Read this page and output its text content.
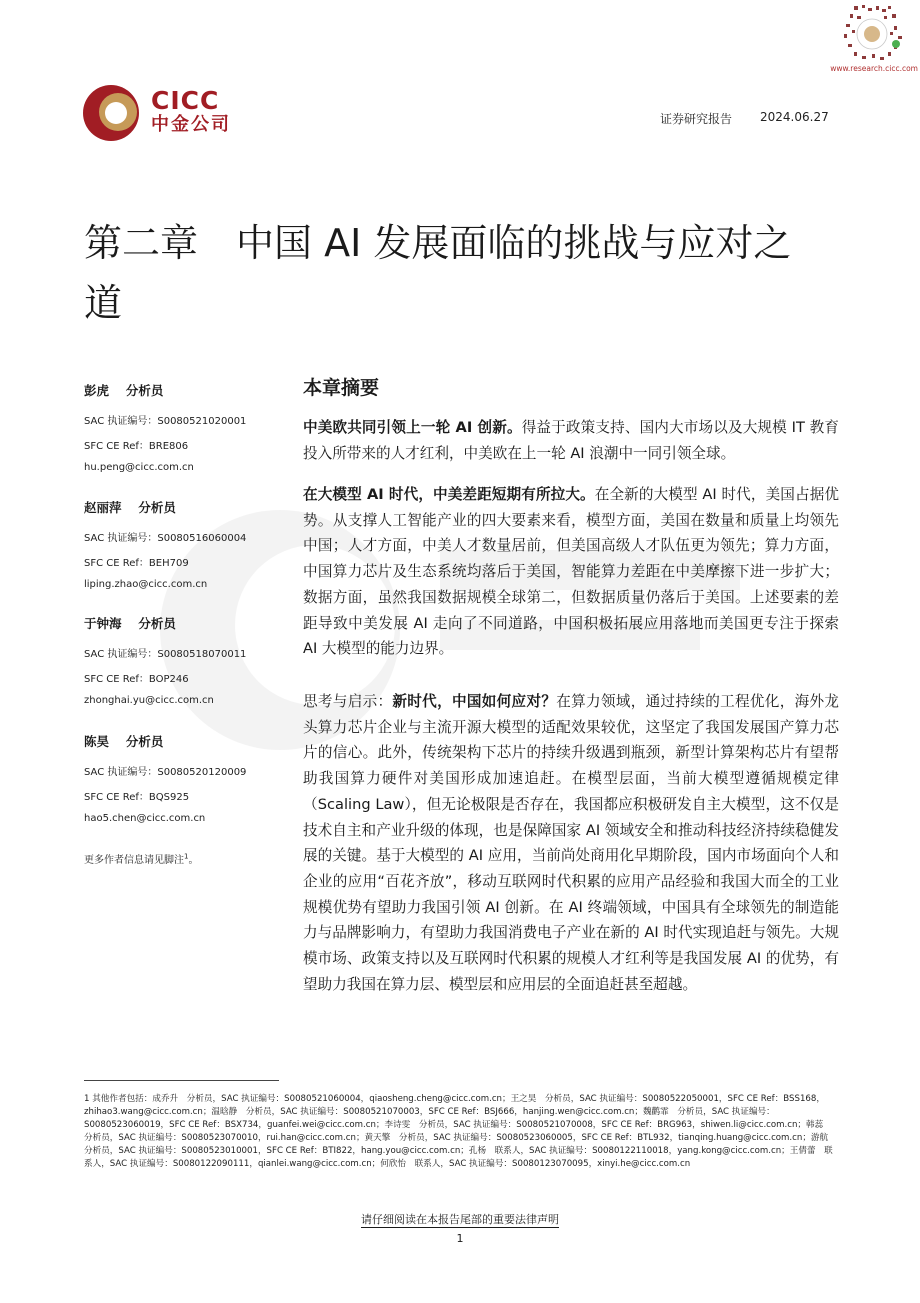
www.research.cicc.com
CICC
中金公司	证券研究报告 2024.06.27
第二章　中国 AI 发展面临的挑战与应对之道
彭虎　 分析员
SAC 执证编号：S0080521020001
SFC CE Ref：BRE806
hu.peng@cicc.com.cn
赵丽萍　 分析员
SAC 执证编号：S0080516060004
SFC CE Ref：BEH709
liping.zhao@cicc.com.cn
于钟海　 分析员
SAC 执证编号：S0080518070011
SFC CE Ref：BOP246
zhonghai.yu@cicc.com.cn
陈昊　 分析员
SAC 执证编号：S0080520120009
SFC CE Ref：BQS925
hao5.chen@cicc.com.cn
更多作者信息请见脚注$^1$。
本章摘要
中美欧共同引领上一轮 AI 创新。得益于政策支持、国内大市场以及大规模 IT 教育投入所带来的人才红利，中美欧在上一轮 AI 浪潮中一同引领全球。
在大模型 AI 时代，中美差距短期有所拉大。在全新的大模型 AI 时代，美国占据优势。从支撑人工智能产业的四大要素来看，模型方面，美国在数量和质量上均领先中国；人才方面，中美人才数量居前，但美国高级人才队伍更为领先；算力方面，中国算力芯片及生态系统均落后于美国，智能算力差距在中美摩擦下进一步扩大；数据方面，虽然我国数据规模全球第二，但数据质量仍落后于美国。上述要素的差距导致中美发展 AI 走向了不同道路，中国积极拓展应用落地而美国更专注于探索 AI 大模型的能力边界。
思考与启示：新时代，中国如何应对？在算力领域，通过持续的工程优化，海外龙头算力芯片企业与主流开源大模型的适配效果较优，这坚定了我国发展国产算力芯片的信心。此外，传统架构下芯片的持续升级遇到瓶颈，新型计算架构芯片有望帮助我国算力硬件对美国形成加速追赶。在模型层面，当前大模型遵循规模定律（Scaling Law），但无论极限是否存在，我国都应积极研发自主大模型，这不仅是技术自主和产业升级的体现，也是保障国家 AI 领域安全和推动科技经济持续稳健发展的关键。基于大模型的 AI 应用，当前尚处商用化早期阶段，国内市场面向个人和企业的应用“百花齐放”，移动互联网时代积累的应用产品经验和我国大而全的工业规模优势有望助力我国引领 AI 创新。在 AI 终端领域，中国具有全球领先的制造能力与品牌影响力，有望助力我国消费电子产业在新的 AI 时代实现追赶与领先。大规模市场、政策支持以及互联网时代积累的规模人才红利等是我国发展 AI 的优势，有望助力我国在算力层、模型层和应用层的全面追赶甚至超越。
1 其他作者包括：成乔升　分析员，SAC 执证编号：S0080521060004，qiaosheng.cheng@cicc.com.cn；王之昊　分析员，SAC 执证编号：S0080522050001，SFC CE Ref：BSS168，zhihao3.wang@cicc.com.cn；温晗静　分析员，SAC 执证编号：S0080521070003，SFC CE Ref：BSJ666，hanjing.wen@cicc.com.cn；魏鹳霏　分析员，SAC 执证编号：S0080523060019，SFC CE Ref：BSX734，guanfei.wei@cicc.com.cn；李诗雯　分析员，SAC 执证编号：S0080521070008，SFC CE Ref：BRG963，shiwen.li@cicc.com.cn；韩蕊　分析员，SAC 执证编号：S0080523070010，rui.han@cicc.com.cn；黄天擎　分析员，SAC 执证编号：S0080523060005，SFC CE Ref：BTL932，tianqing.huang@cicc.com.cn；游航　分析员，SAC 执证编号：S0080523010001，SFC CE Ref：BTI822，hang.you@cicc.com.cn；孔杨　联系人，SAC 执证编号：S0080122110018，yang.kong@cicc.com.cn；王倩蕾　联系人，SAC 执证编号：S0080122090111，qianlei.wang@cicc.com.cn；何欣怡　联系人，SAC 执证编号：S0080123070095，xinyi.he@cicc.com.cn
请仔细阅读在本报告尾部的重要法律声明
1
